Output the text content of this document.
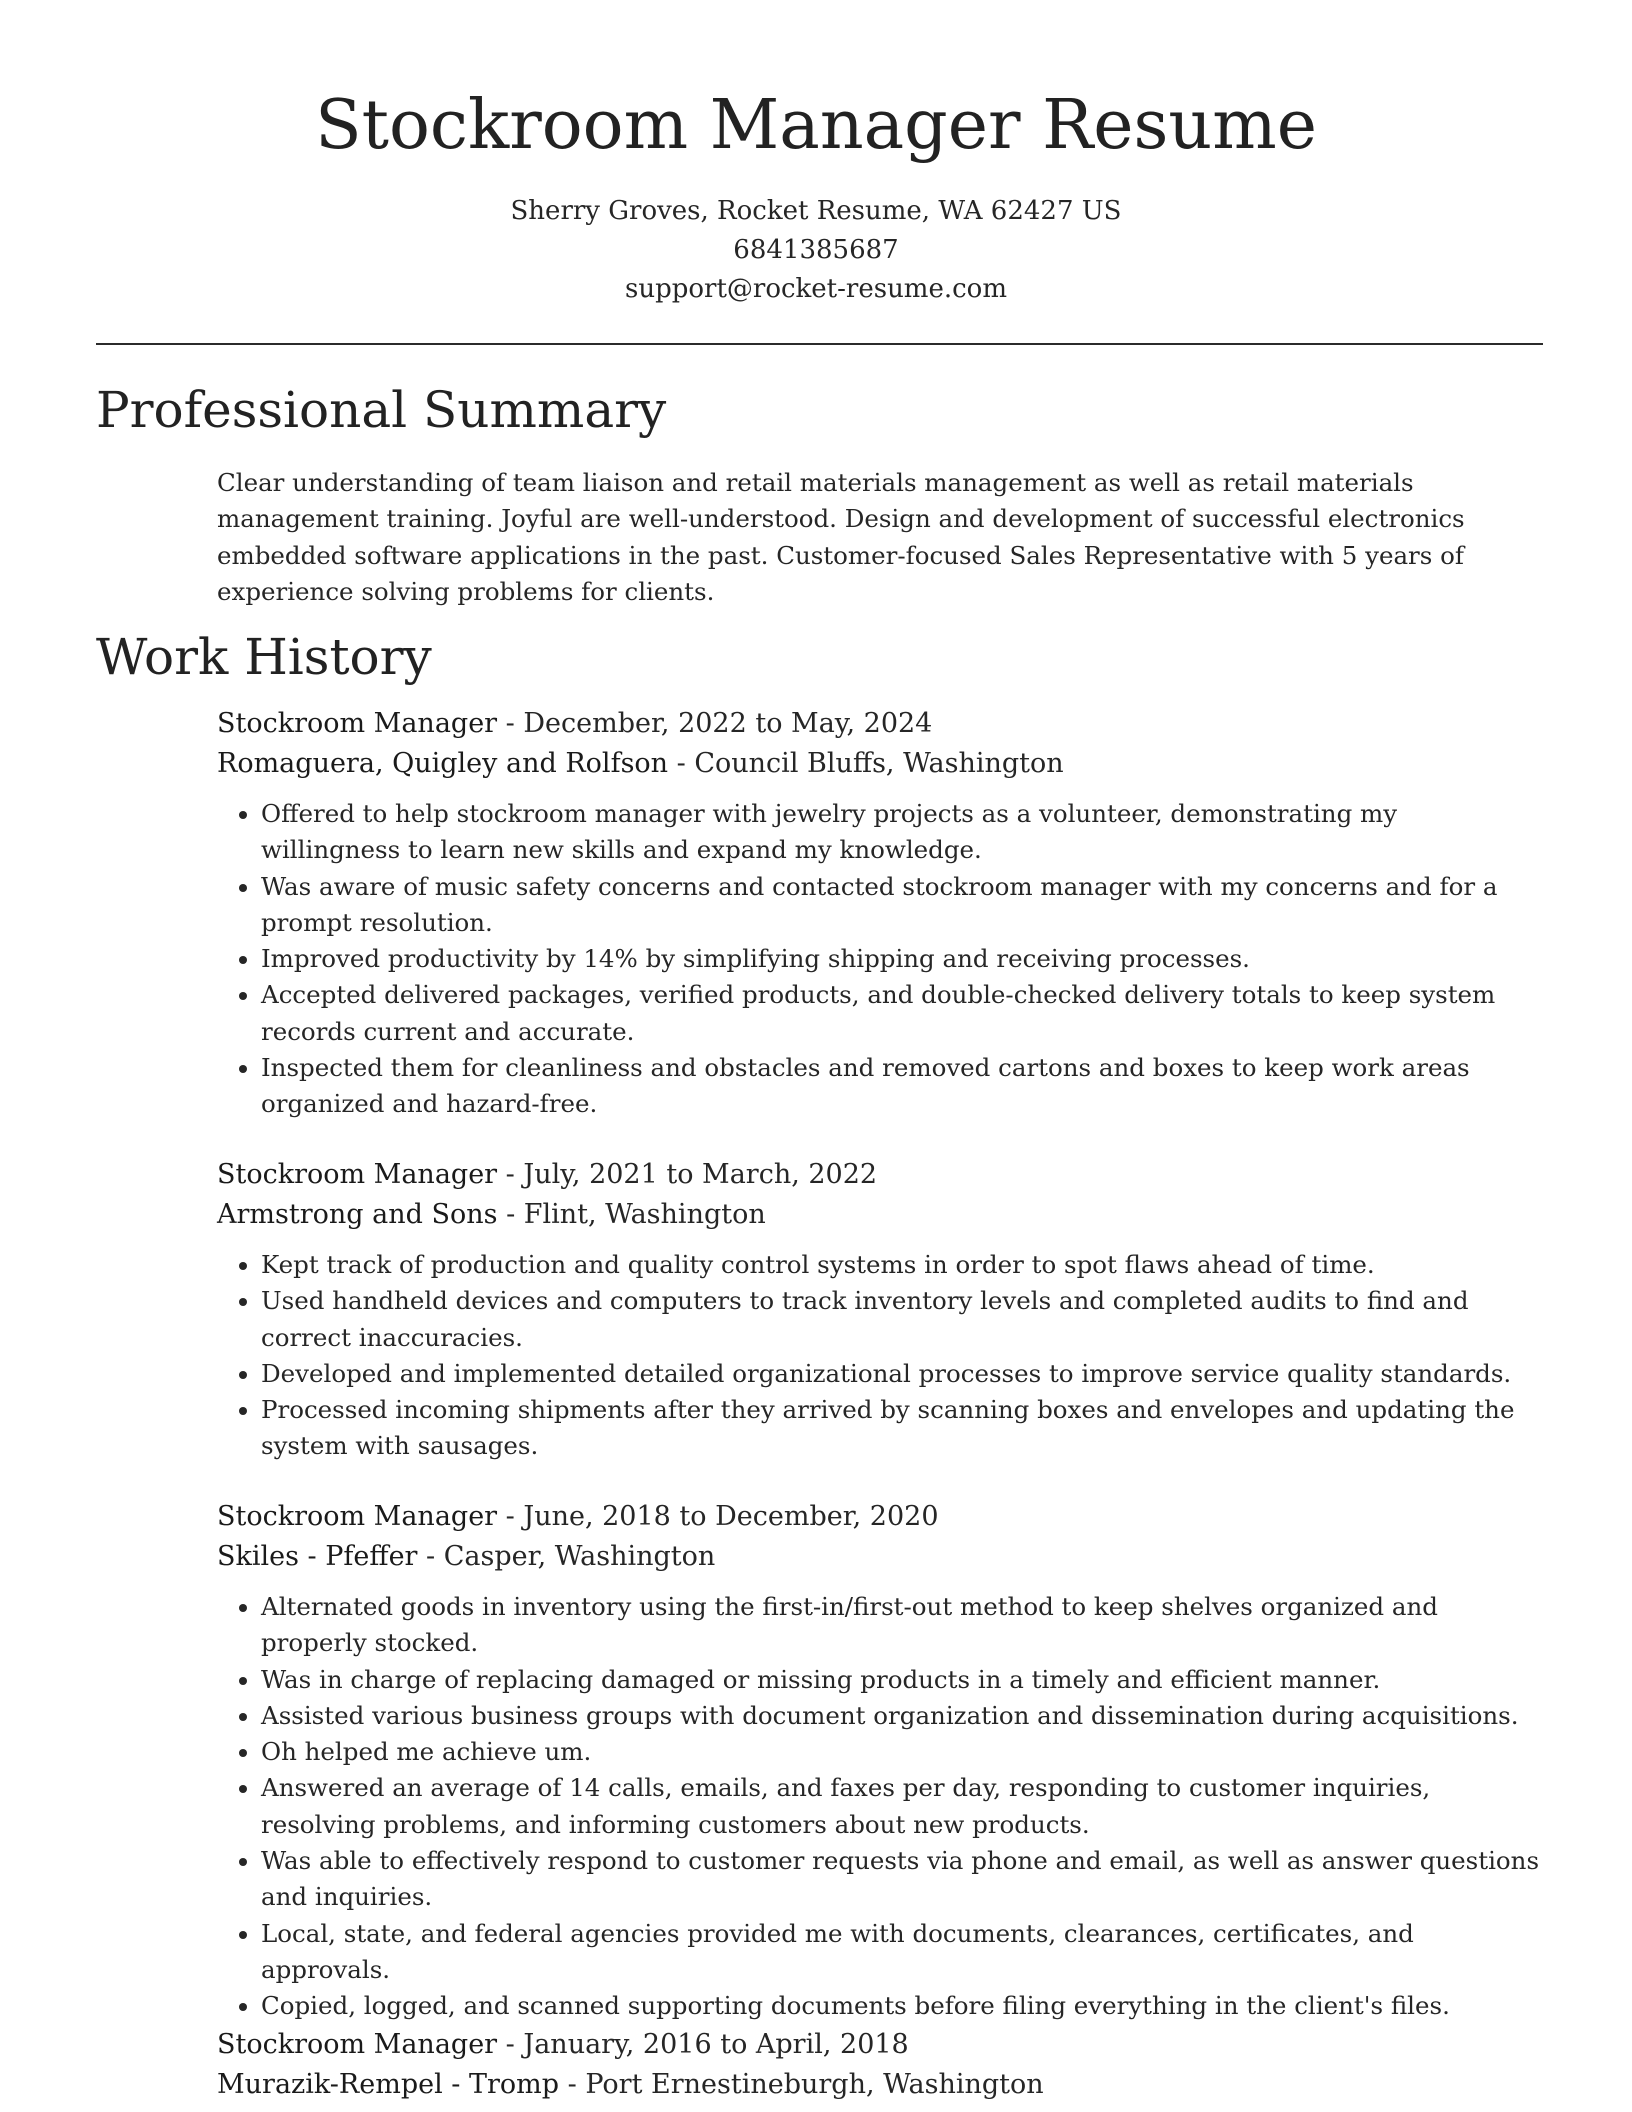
Stockroom Manager Resume
Sherry Groves, Rocket Resume, WA 62427 US
6841385687
support@rocket-resume.com
Professional Summary
Clear understanding of team liaison and retail materials management as well as retail materials management training. Joyful are well-understood. Design and development of successful electronics embedded software applications in the past. Customer-focused Sales Representative with 5 years of experience solving problems for clients.
Work History
Stockroom Manager - December, 2022 to May, 2024
Romaguera, Quigley and Rolfson - Council Bluffs, Washington
• Offered to help stockroom manager with jewelry projects as a volunteer, demonstrating my willingness to learn new skills and expand my knowledge.
• Was aware of music safety concerns and contacted stockroom manager with my concerns and for a prompt resolution.
• Improved productivity by 14% by simplifying shipping and receiving processes.
• Accepted delivered packages, verified products, and double-checked delivery totals to keep system records current and accurate.
• Inspected them for cleanliness and obstacles and removed cartons and boxes to keep work areas organized and hazard-free.
Stockroom Manager - July, 2021 to March, 2022
Armstrong and Sons - Flint, Washington
• Kept track of production and quality control systems in order to spot flaws ahead of time.
• Used handheld devices and computers to track inventory levels and completed audits to find and correct inaccuracies.
• Developed and implemented detailed organizational processes to improve service quality standards.
• Processed incoming shipments after they arrived by scanning boxes and envelopes and updating the system with sausages.
Stockroom Manager - June, 2018 to December, 2020
Skiles - Pfeffer - Casper, Washington
• Alternated goods in inventory using the first-in/first-out method to keep shelves organized and properly stocked.
• Was in charge of replacing damaged or missing products in a timely and efficient manner.
• Assisted various business groups with document organization and dissemination during acquisitions.
• Oh helped me achieve um.
• Answered an average of 14 calls, emails, and faxes per day, responding to customer inquiries, resolving problems, and informing customers about new products.
• Was able to effectively respond to customer requests via phone and email, as well as answer questions and inquiries.
• Local, state, and federal agencies provided me with documents, clearances, certificates, and approvals.
• Copied, logged, and scanned supporting documents before filing everything in the client's files.
Stockroom Manager - January, 2016 to April, 2018
Murazik-Rempel - Tromp - Port Ernestineburgh, Washington
